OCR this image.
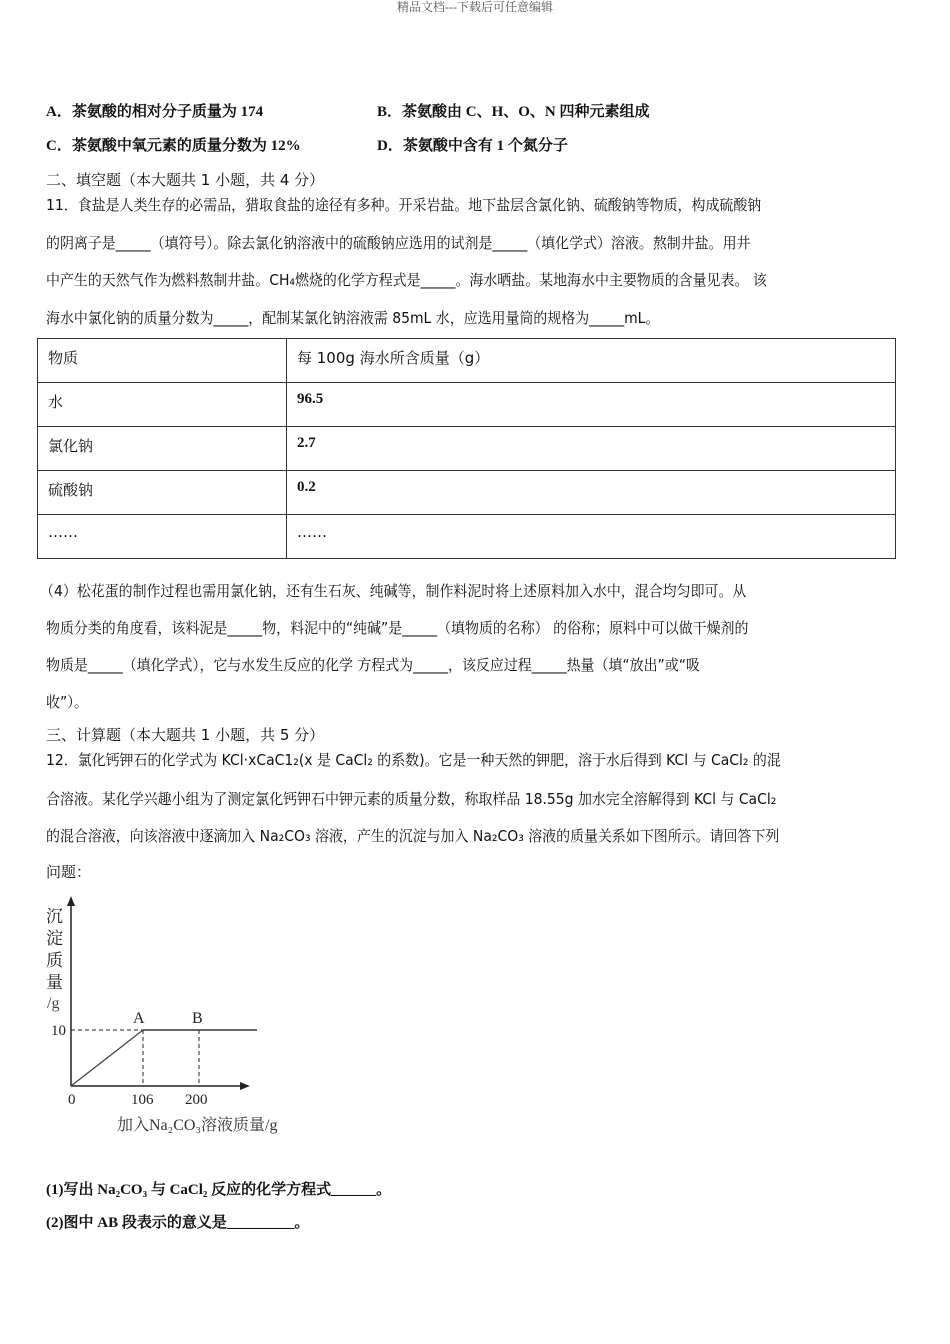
精品文档---下载后可任意编辑
A．茶氨酸的相对分子质量为 174	B．茶氨酸由 C、H、O、N 四种元素组成
C．茶氨酸中氧元素的质量分数为 12%	D．茶氨酸中含有 1 个氮分子
二、填空题（本大题共 1 小题，共 4 分）
11．食盐是人类生存的必需品，猎取食盐的途径有多种。开采岩盐。地下盐层含氯化钠、硫酸钠等物质，构成硫酸钠
的阴离子是_____（填符号）。除去氯化钠溶液中的硫酸钠应选用的试剂是_____（填化学式）溶液。熬制井盐。用井
中产生的天然气作为燃料熬制井盐。CH₄燃烧的化学方程式是_____。海水晒盐。某地海水中主要物质的含量见表。 该
海水中氯化钠的质量分数为_____，配制某氯化钠溶液需 85mL 水，应选用量筒的规格为_____mL。
物质	每 100g 海水所含质量（g）
水	96.5
氯化钠	2.7
硫酸钠	0.2
……	……
（4）松花蛋的制作过程也需用氯化钠，还有生石灰、纯碱等，制作料泥时将上述原料加入水中，混合均匀即可。从
物质分类的角度看，该料泥是_____物，料泥中的“纯碱”是_____（填物质的名称） 的俗称；原料中可以做干燥剂的
物质是_____（填化学式），它与水发生反应的化学 方程式为_____，该反应过程_____热量（填“放出”或“吸
收”）。
三、计算题（本大题共 1 小题，共 5 分）
12．氯化钙钾石的化学式为 KCl·xCaC1₂(x 是 CaCl₂ 的系数)。它是一种天然的钾肥，溶于水后得到 KCl 与 CaCl₂ 的混
合溶液。某化学兴趣小组为了测定氯化钙钾石中钾元素的质量分数，称取样品 18.55g 加水完全溶解得到 KCl 与 CaCl₂
的混合溶液，向该溶液中逐滴加入 Na₂CO₃ 溶液，产生的沉淀与加入 Na₂CO₃ 溶液的质量关系如下图所示。请回答下列
问题：
沉
淀
质
量
/g
10
A	B
0	106 200
加入Na₂CO₃溶液质量/g
(1)写出 Na₂CO₃ 与 CaCl₂ 反应的化学方程式______。
(2)图中 AB 段表示的意义是_________。
